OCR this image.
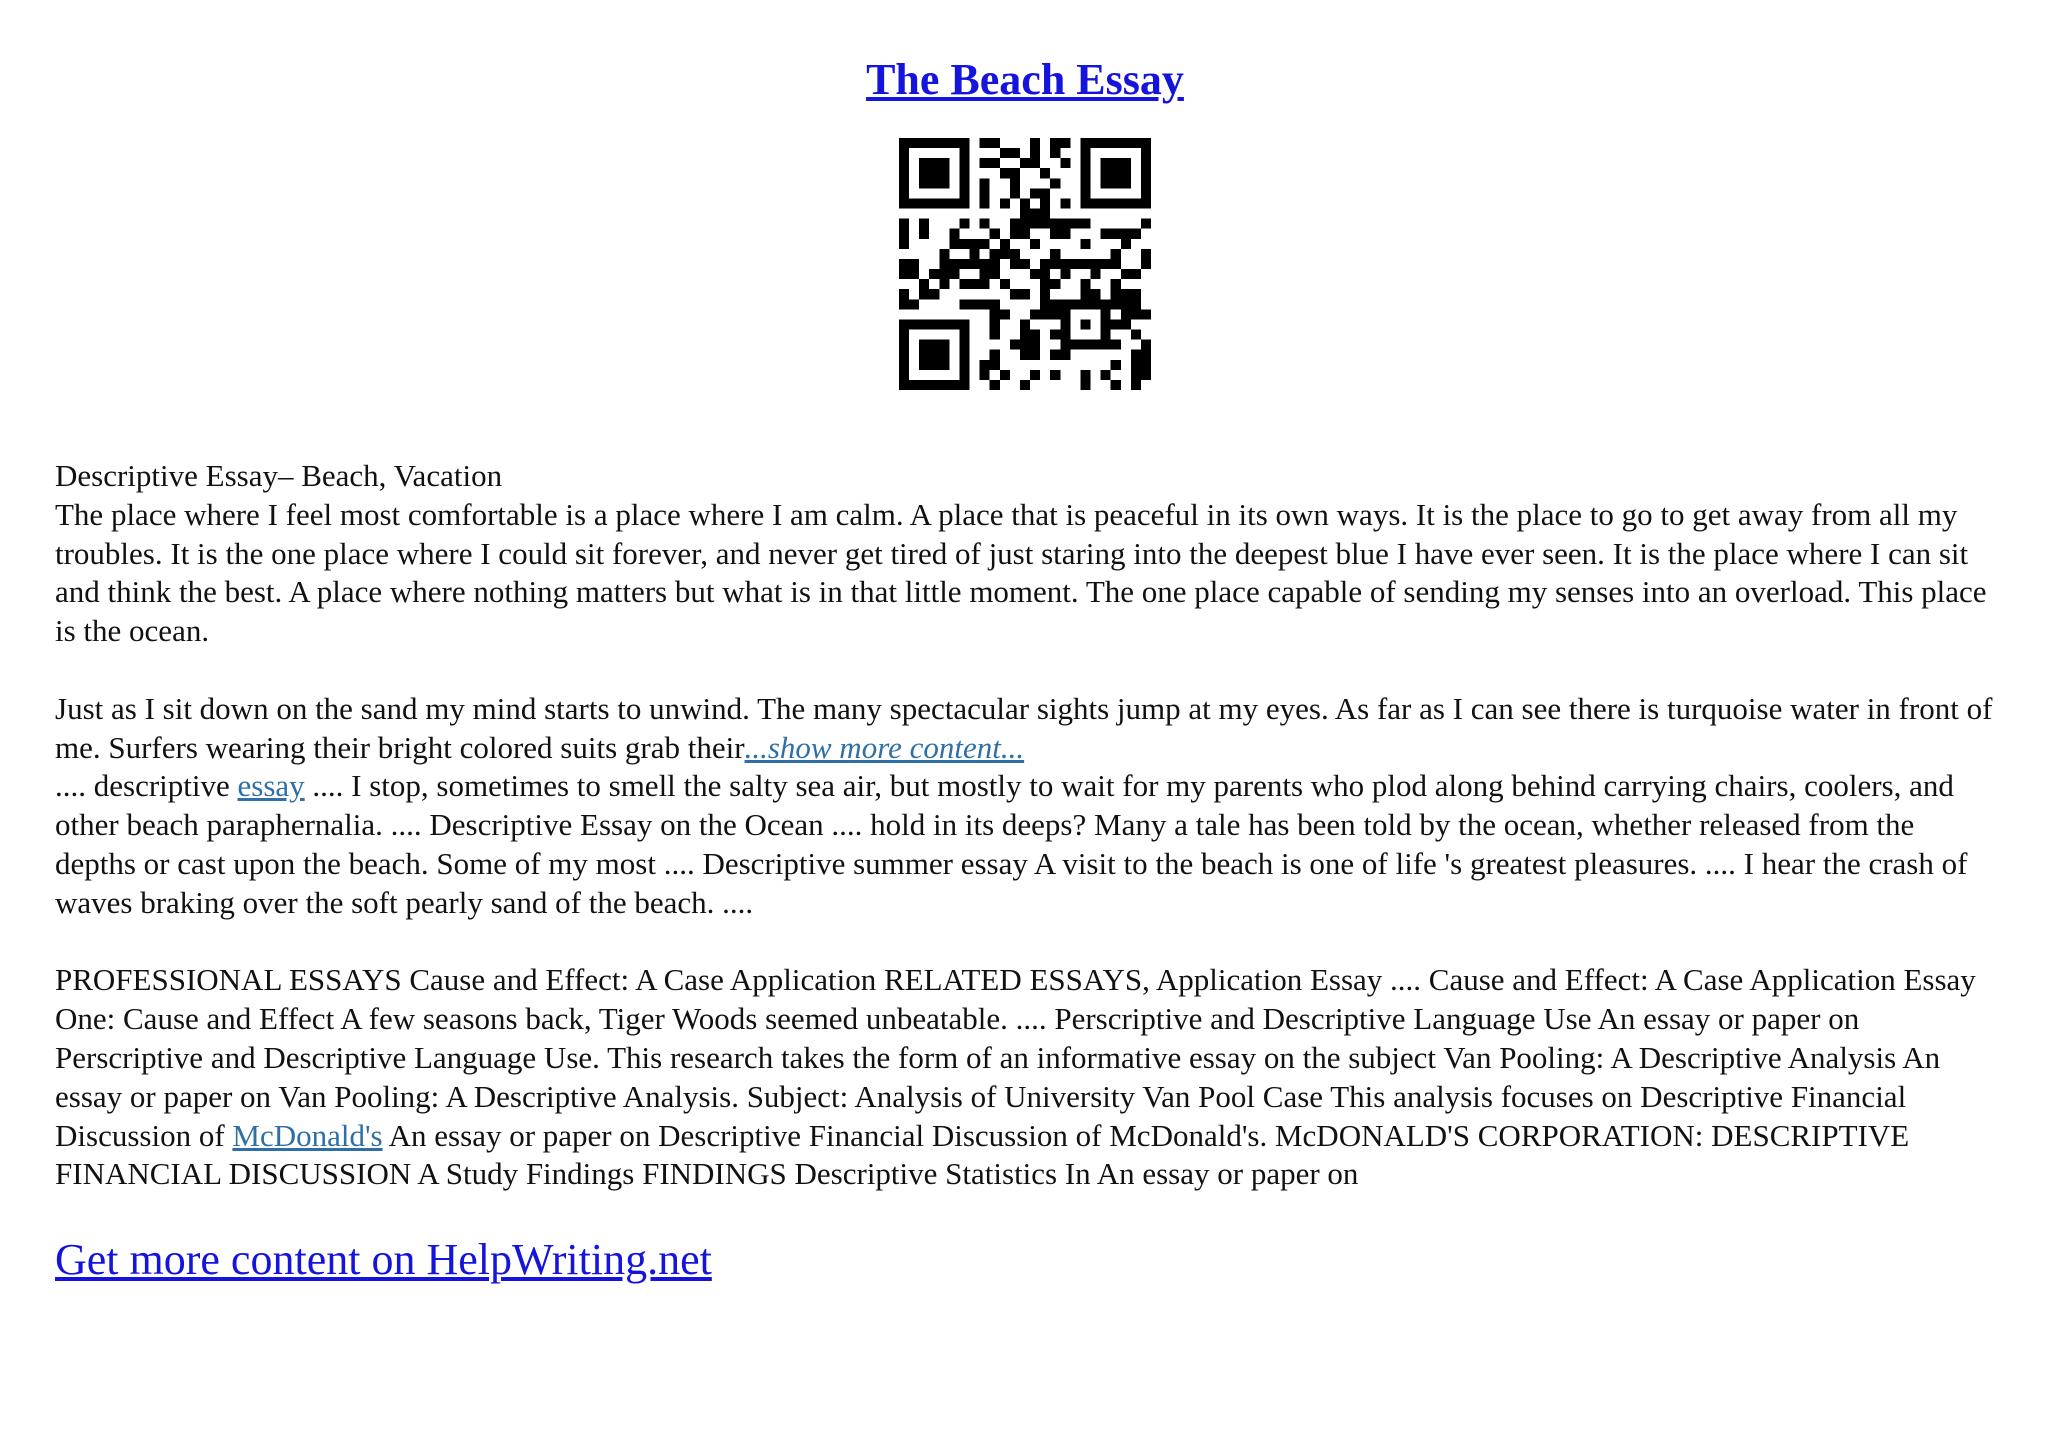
The Beach Essay

Descriptive Essay– Beach, Vacation

The place where I feel most comfortable is a place where I am calm. A place that is peaceful in its own ways. It is the place to go to get away from all my troubles. It is the one place where I could sit forever, and never get tired of just staring into the deepest blue I have ever seen. It is the place where I can sit and think the best. A place where nothing matters but what is in that little moment. The one place capable of sending my senses into an overload. This place is the ocean.

Just as I sit down on the sand my mind starts to unwind. The many spectacular sights jump at my eyes. As far as I can see there is turquoise water in front of me. Surfers wearing their bright colored suits grab their...show more content...

.... descriptive essay .... I stop, sometimes to smell the salty sea air, but mostly to wait for my parents who plod along behind carrying chairs, coolers, and other beach paraphernalia. .... Descriptive Essay on the Ocean .... hold in its deeps? Many a tale has been told by the ocean, whether released from the depths or cast upon the beach. Some of my most .... Descriptive summer essay A visit to the beach is one of life 's greatest pleasures. .... I hear the crash of waves braking over the soft pearly sand of the beach. ....

PROFESSIONAL ESSAYS Cause and Effect: A Case Application RELATED ESSAYS, Application Essay .... Cause and Effect: A Case Application Essay One: Cause and Effect A few seasons back, Tiger Woods seemed unbeatable. .... Perscriptive and Descriptive Language Use An essay or paper on Perscriptive and Descriptive Language Use. This research takes the form of an informative essay on the subject Van Pooling: A Descriptive Analysis An essay or paper on Van Pooling: A Descriptive Analysis. Subject: Analysis of University Van Pool Case This analysis focuses on Descriptive Financial Discussion of McDonald's An essay or paper on Descriptive Financial Discussion of McDonald's. McDONALD'S CORPORATION: DESCRIPTIVE FINANCIAL DISCUSSION A Study Findings FINDINGS Descriptive Statistics In An essay or paper on

Get more content on HelpWriting.net
